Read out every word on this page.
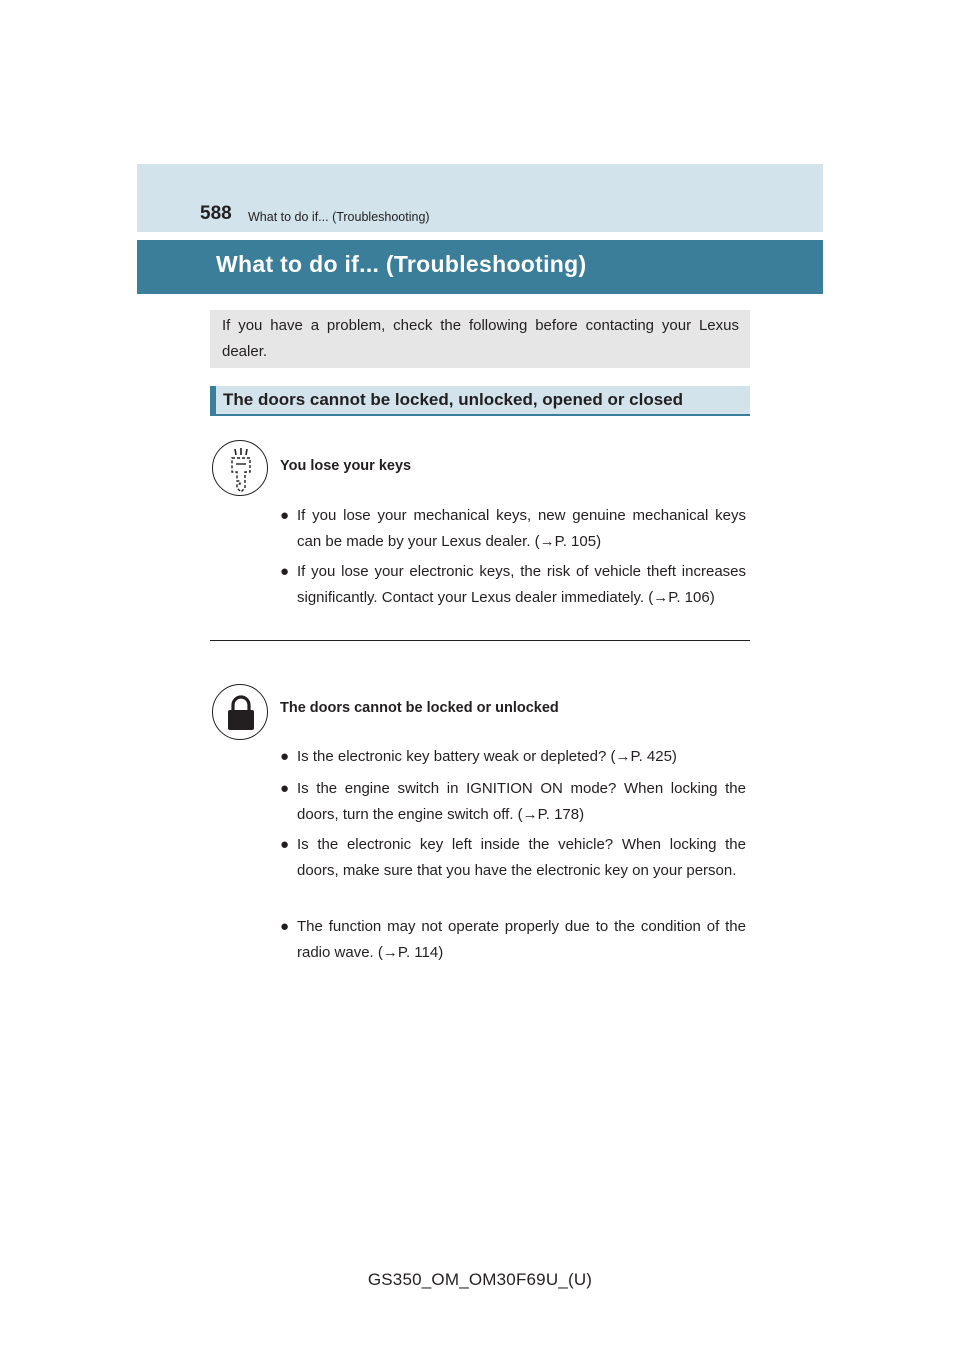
588 What to do if... (Troubleshooting)
What to do if... (Troubleshooting)
If you have a problem, check the following before contacting your Lexus dealer.
The doors cannot be locked, unlocked, opened or closed
You lose your keys
● If you lose your mechanical keys, new genuine mechanical keys can be made by your Lexus dealer. (→P. 105)
● If you lose your electronic keys, the risk of vehicle theft increases significantly. Contact your Lexus dealer immediately. (→P. 106)
The doors cannot be locked or unlocked
● Is the electronic key battery weak or depleted? (→P. 425)
● Is the engine switch in IGNITION ON mode? When locking the doors, turn the engine switch off. (→P. 178)
● Is the electronic key left inside the vehicle? When locking the doors, make sure that you have the electronic key on your person.
● The function may not operate properly due to the condition of the radio wave. (→P. 114)
GS350_OM_OM30F69U_(U)
